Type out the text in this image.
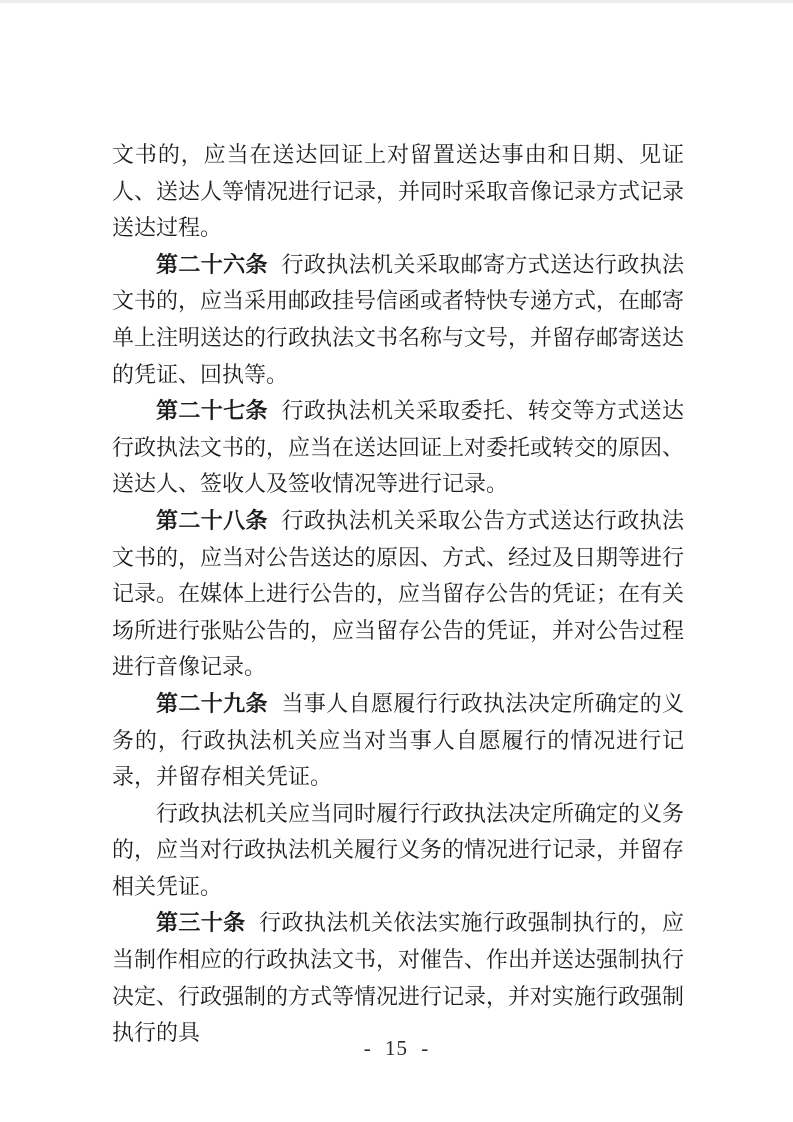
文书的，应当在送达回证上对留置送达事由和日期、见证人、送达人等情况进行记录，并同时采取音像记录方式记录送达过程。

第二十六条 行政执法机关采取邮寄方式送达行政执法文书的，应当采用邮政挂号信函或者特快专递方式，在邮寄单上注明送达的行政执法文书名称与文号，并留存邮寄送达的凭证、回执等。

第二十七条 行政执法机关采取委托、转交等方式送达行政执法文书的，应当在送达回证上对委托或转交的原因、送达人、签收人及签收情况等进行记录。

第二十八条 行政执法机关采取公告方式送达行政执法文书的，应当对公告送达的原因、方式、经过及日期等进行记录。在媒体上进行公告的，应当留存公告的凭证；在有关场所进行张贴公告的，应当留存公告的凭证，并对公告过程进行音像记录。

第二十九条 当事人自愿履行行政执法决定所确定的义务的，行政执法机关应当对当事人自愿履行的情况进行记录，并留存相关凭证。

行政执法机关应当同时履行行政执法决定所确定的义务的，应当对行政执法机关履行义务的情况进行记录，并留存相关凭证。

第三十条 行政执法机关依法实施行政强制执行的，应当制作相应的行政执法文书，对催告、作出并送达强制执行决定、行政强制的方式等情况进行记录，并对实施行政强制执行的具

- 15 -
